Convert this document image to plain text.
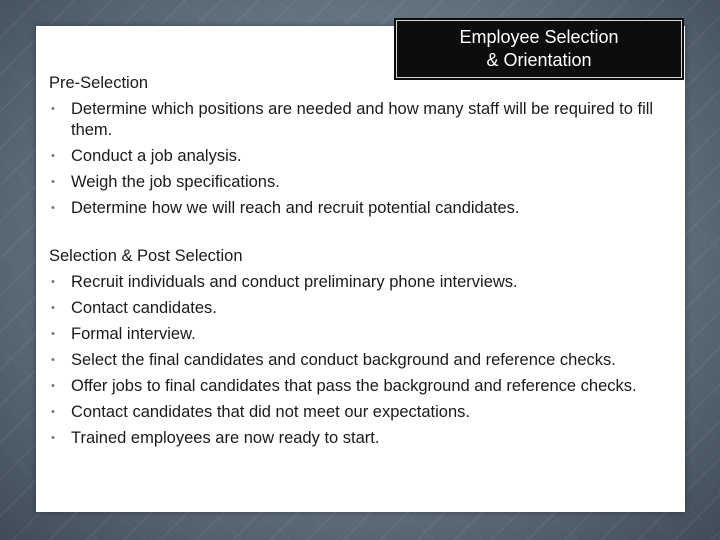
Employee Selection
& Orientation
Pre-Selection
• Determine which positions are needed and how many staff will be required to fill them.
• Conduct a job analysis.
• Weigh the job specifications.
• Determine how we will reach and recruit potential candidates.
Selection & Post Selection
• Recruit individuals and conduct preliminary phone interviews.
• Contact candidates.
• Formal interview.
• Select the final candidates and conduct background and reference checks.
• Offer jobs to final candidates that pass the background and reference checks.
• Contact candidates that did not meet our expectations.
• Trained employees are now ready to start.
